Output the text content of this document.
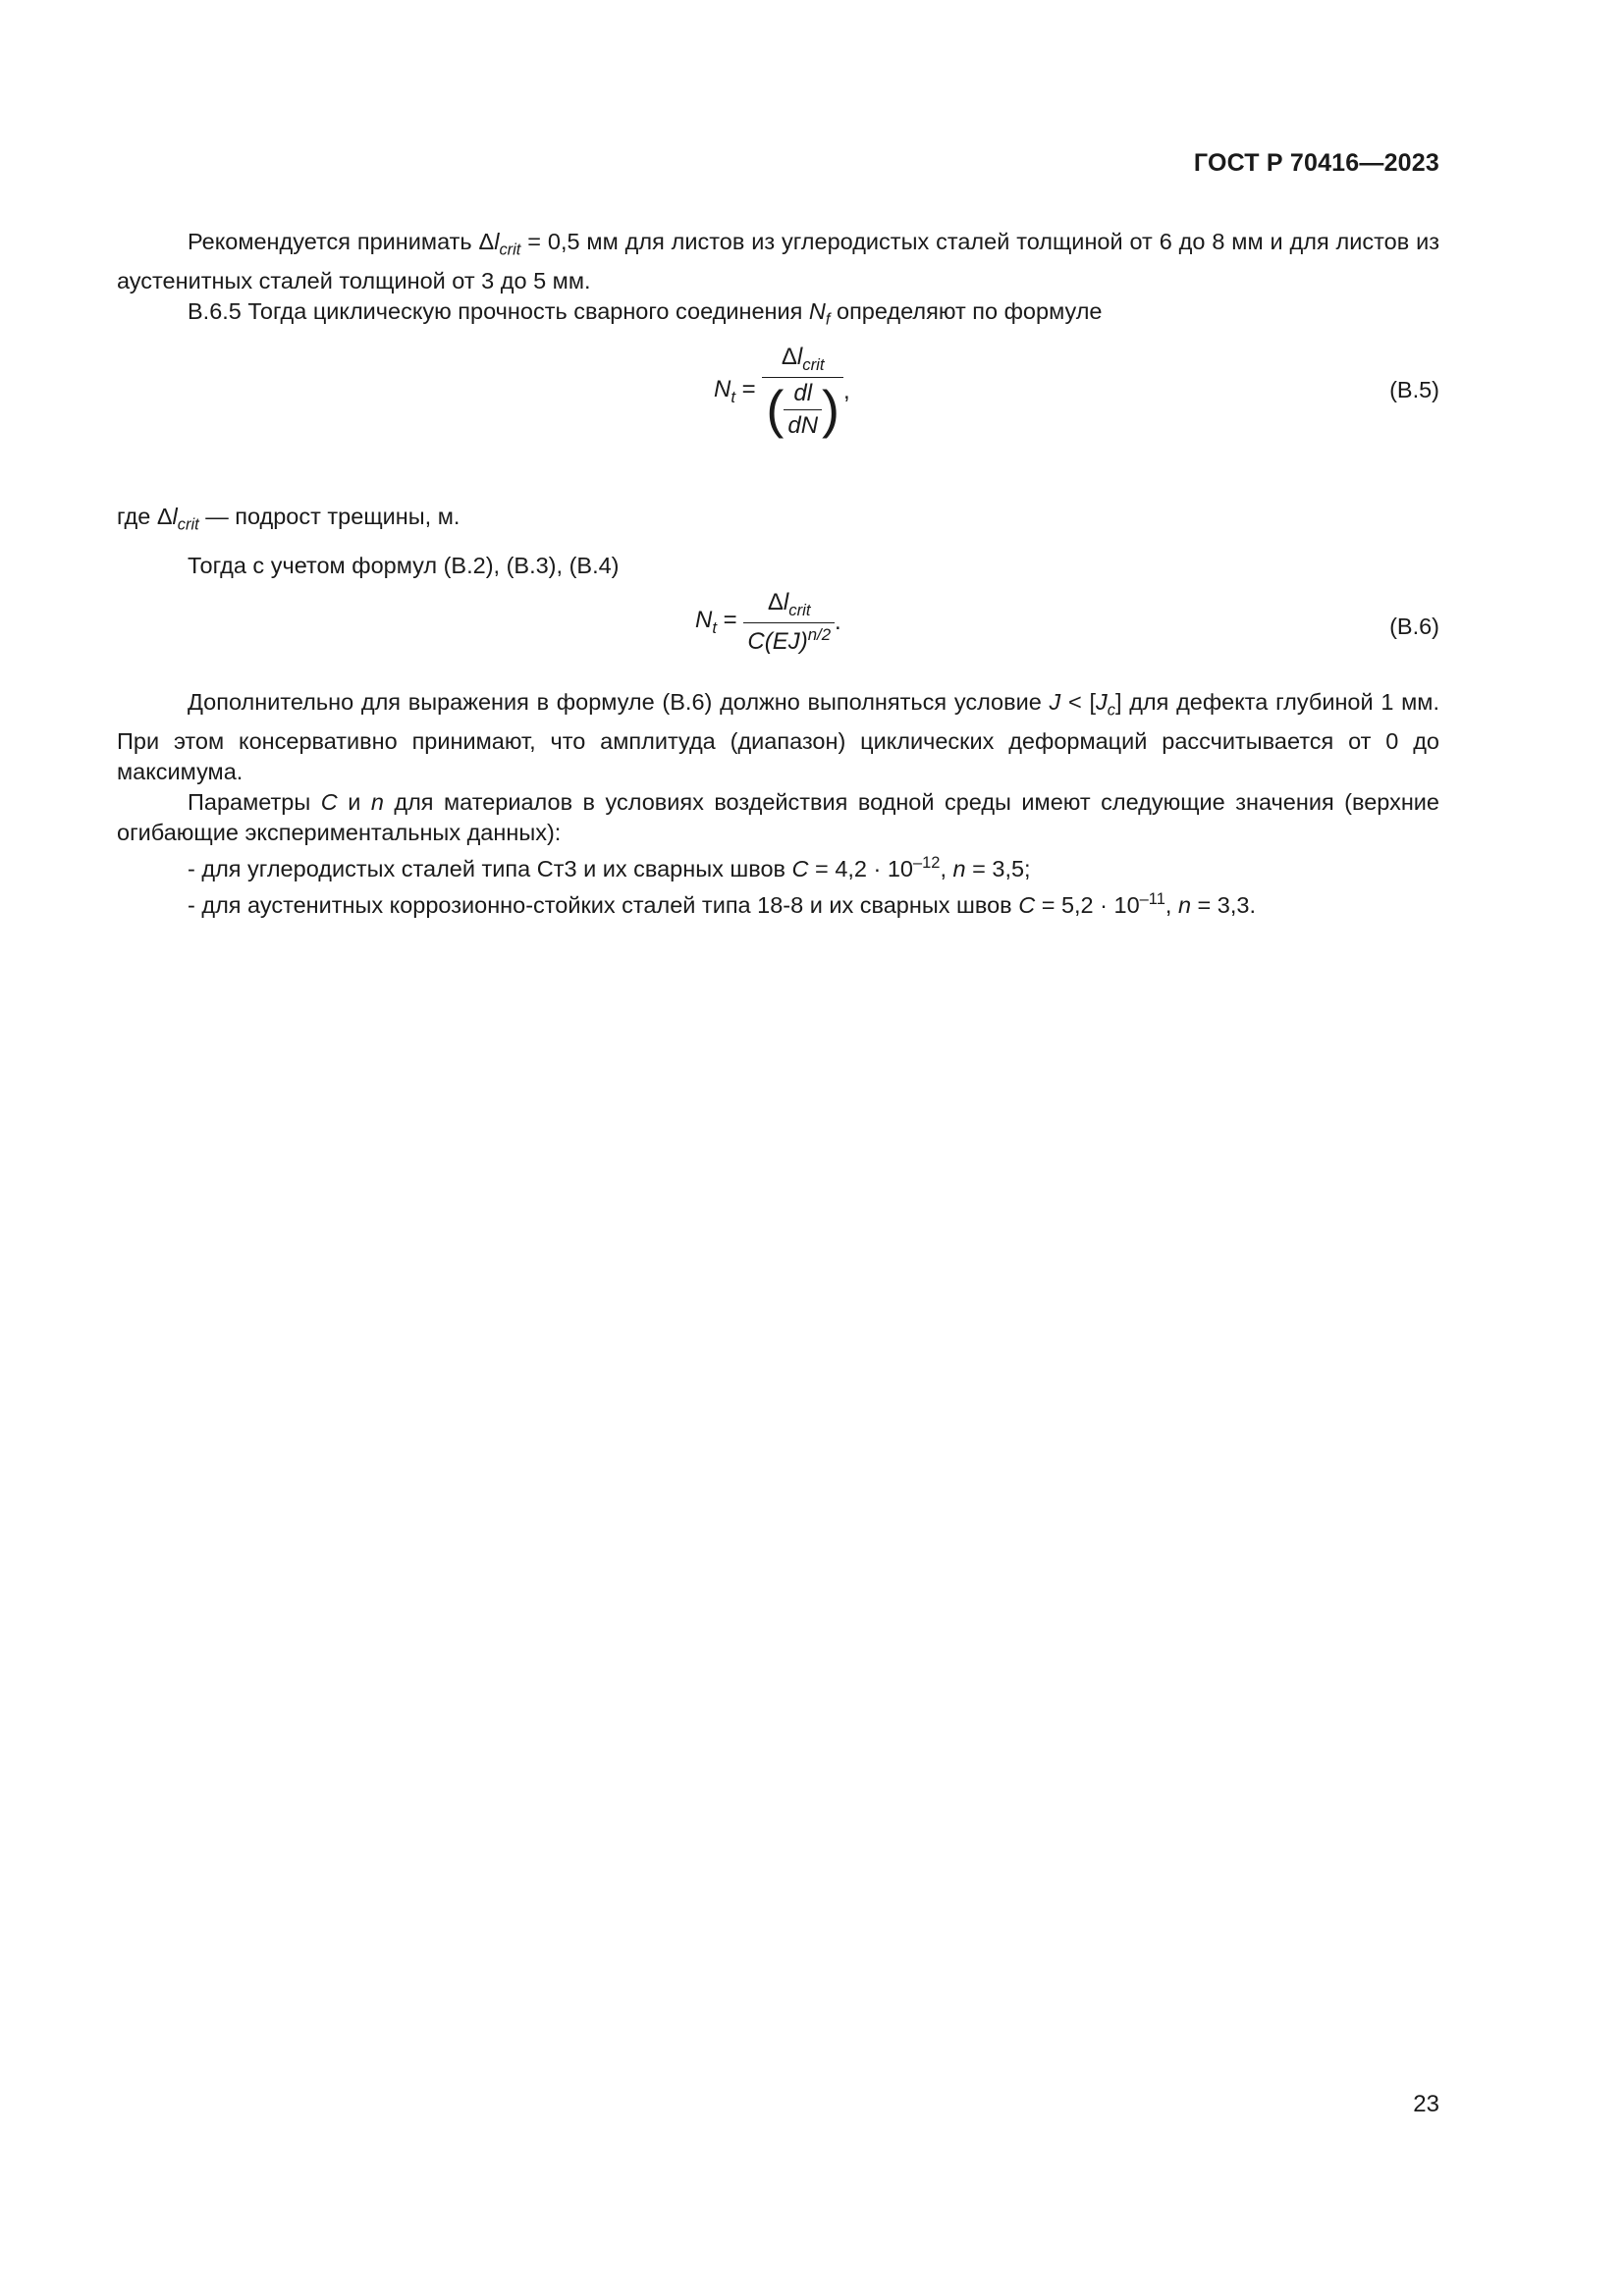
ГОСТ Р 70416—2023

Рекомендуется принимать $\Delta l_{crit} = 0,5$ мм для листов из углеродистых сталей толщиной от 6 до 8 мм и для листов из аустенитных сталей толщиной от 3 до 5 мм.

В.6.5 Тогда циклическую прочность сварного соединения $N_f$ определяют по формуле

$N_t = \frac{\Delta l_{crit}}{( \frac{dl}{dN} )}$ ,	(В.5)

где $\Delta l_{crit}$ — подрост трещины, м.

Тогда с учетом формул (В.2), (В.3), (В.4)

$N_t = \frac{\Delta l_{crit}}{C(EJ)^{n/2}}$ .	(В.6)

Дополнительно для выражения в формуле (В.6) должно выполняться условие $J < [J_c]$ для дефекта глубиной 1 мм. При этом консервативно принимают, что амплитуда (диапазон) циклических деформаций рассчитывается от 0 до максимума.

Параметры C и n для материалов в условиях воздействия водной среды имеют следующие значения (верхние огибающие экспериментальных данных):

- для углеродистых сталей типа Ст3 и их сварных швов $C = 4,2 \cdot 10^{-12}$, n = 3,5;

- для аустенитных коррозионно-стойких сталей типа 18-8 и их сварных швов $C = 5,2 \cdot 10^{-11}$, n = 3,3.

23
